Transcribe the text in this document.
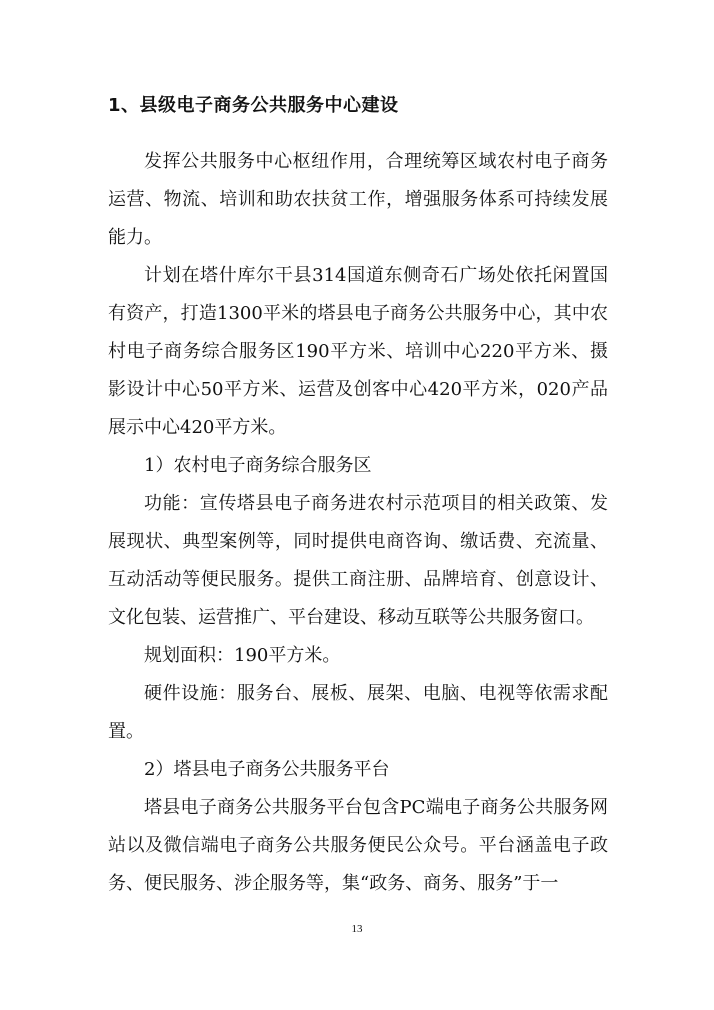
1、县级电子商务公共服务中心建设

发挥公共服务中心枢纽作用，合理统筹区域农村电子商务运营、物流、培训和助农扶贫工作，增强服务体系可持续发展能力。

计划在塔什库尔干县314国道东侧奇石广场处依托闲置国有资产，打造1300平米的塔县电子商务公共服务中心，其中农村电子商务综合服务区190平方米、培训中心220平方米、摄影设计中心50平方米、运营及创客中心420平方米，020产品展示中心420平方米。

1）农村电子商务综合服务区

功能：宣传塔县电子商务进农村示范项目的相关政策、发展现状、典型案例等，同时提供电商咨询、缴话费、充流量、互动活动等便民服务。提供工商注册、品牌培育、创意设计、文化包装、运营推广、平台建设、移动互联等公共服务窗口。

规划面积：190平方米。

硬件设施：服务台、展板、展架、电脑、电视等依需求配置。

2）塔县电子商务公共服务平台

塔县电子商务公共服务平台包含PC端电子商务公共服务网站以及微信端电子商务公共服务便民公众号。平台涵盖电子政务、便民服务、涉企服务等，集“政务、商务、服务”于一

13
